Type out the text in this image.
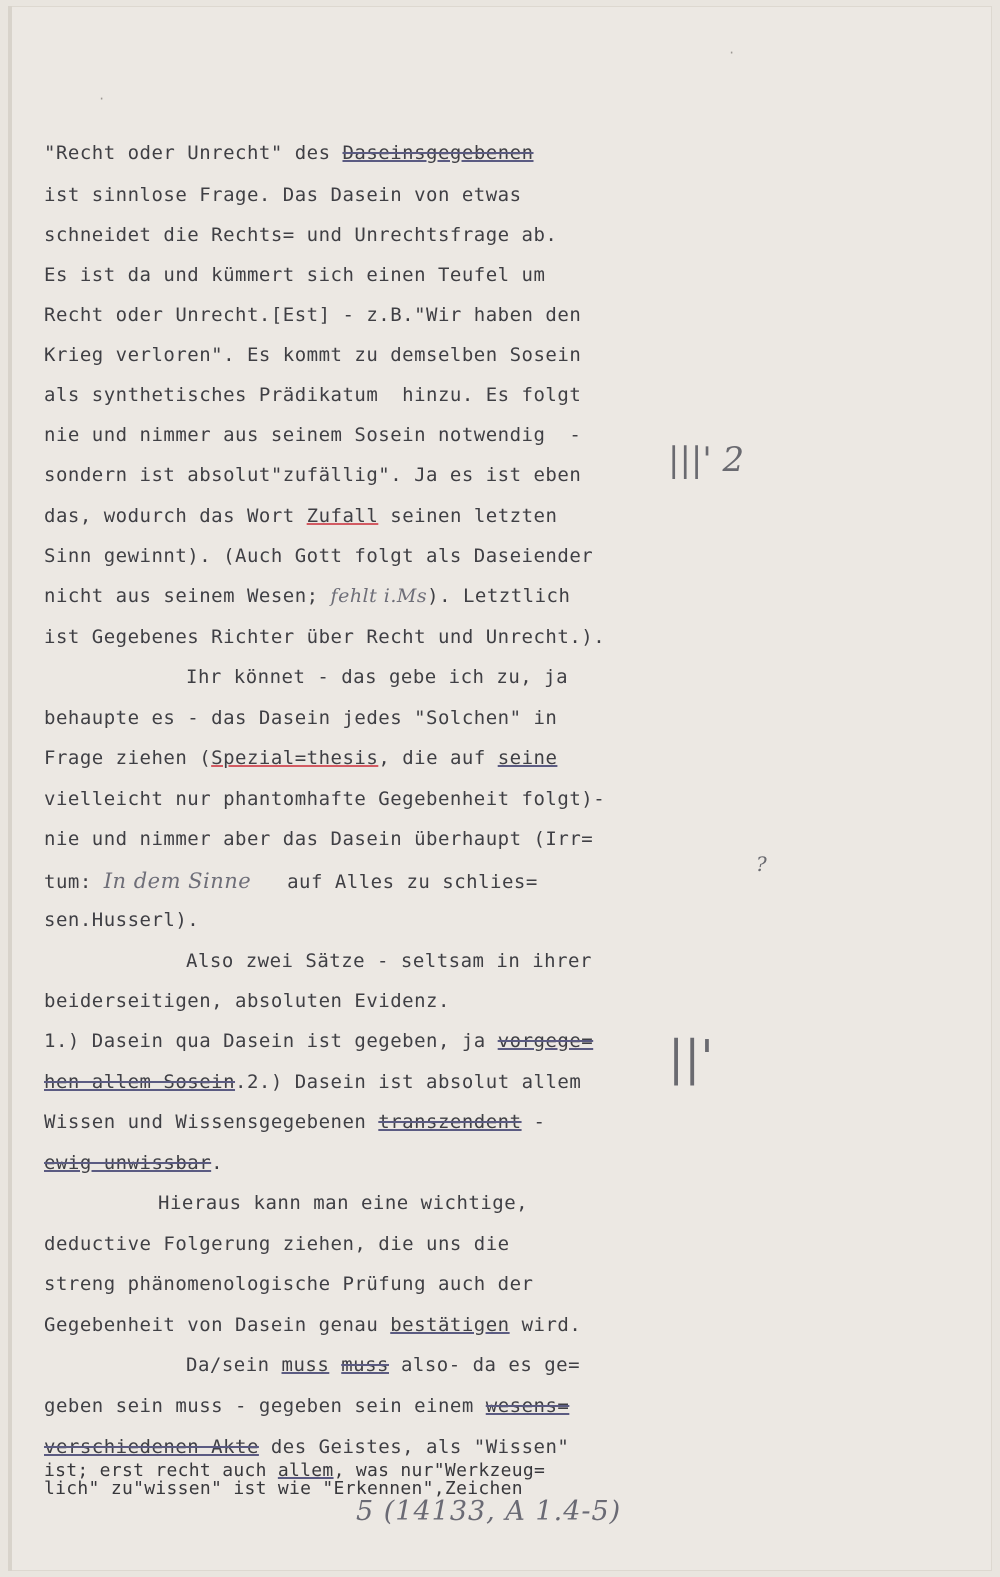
"Recht oder Unrecht" des Daseinsgegebenen
ist sinnlose Frage. Das Dasein von etwas
schneidet die Rechts= und Unrechtsfrage ab.
Es ist da und kümmert sich einen Teufel um
Recht oder Unrecht.[Est] - z.B."Wir haben den
Krieg verloren". Es kommt zu demselben Sosein
als synthetisches Prädikatum  hinzu. Es folgt
nie und nimmer aus seinem Sosein notwendig  -
sondern ist absolut"zufällig". Ja es ist eben
das, wodurch das Wort Zufall seinen letzten
Sinn gewinnt). (Auch Gott folgt als Daseiender
nicht aus seinem Wesen; fehlt i.Ms). Letztlich
ist Gegebenes Richter über Recht und Unrecht.).
Ihr könnet - das gebe ich zu, ja
behaupte es - das Dasein jedes "Solchen" in
Frage ziehen (Spezial=thesis, die auf seine
vielleicht nur phantomhafte Gegebenheit folgt)-
nie und nimmer aber das Dasein überhaupt (Irr=
tum: In dem Sinne   auf Alles zu schlies=
sen.Husserl).
Also zwei Sätze - seltsam in ihrer
beiderseitigen, absoluten Evidenz.
1.) Dasein qua Dasein ist gegeben, ja vorgege=
hen allem Sosein.2.) Dasein ist absolut allem
Wissen und Wissensgegebenen transzendent -
ewig unwissbar.
Hieraus kann man eine wichtige,
deductive Folgerung ziehen, die uns die
streng phänomenologische Prüfung auch der
Gegebenheit von Dasein genau bestätigen wird.
Da/sein muss muss also- da es ge=
geben sein muss - gegeben sein einem wesens=
verschiedenen Akte des Geistes, als "Wissen"
ist; erst recht auch allem, was nur"Werkzeug=
lich" zu"wissen" ist wie "Erkennen",Zeichen
|||' 2
?
||'
5 (14133, A 1.4-5)
·
·
